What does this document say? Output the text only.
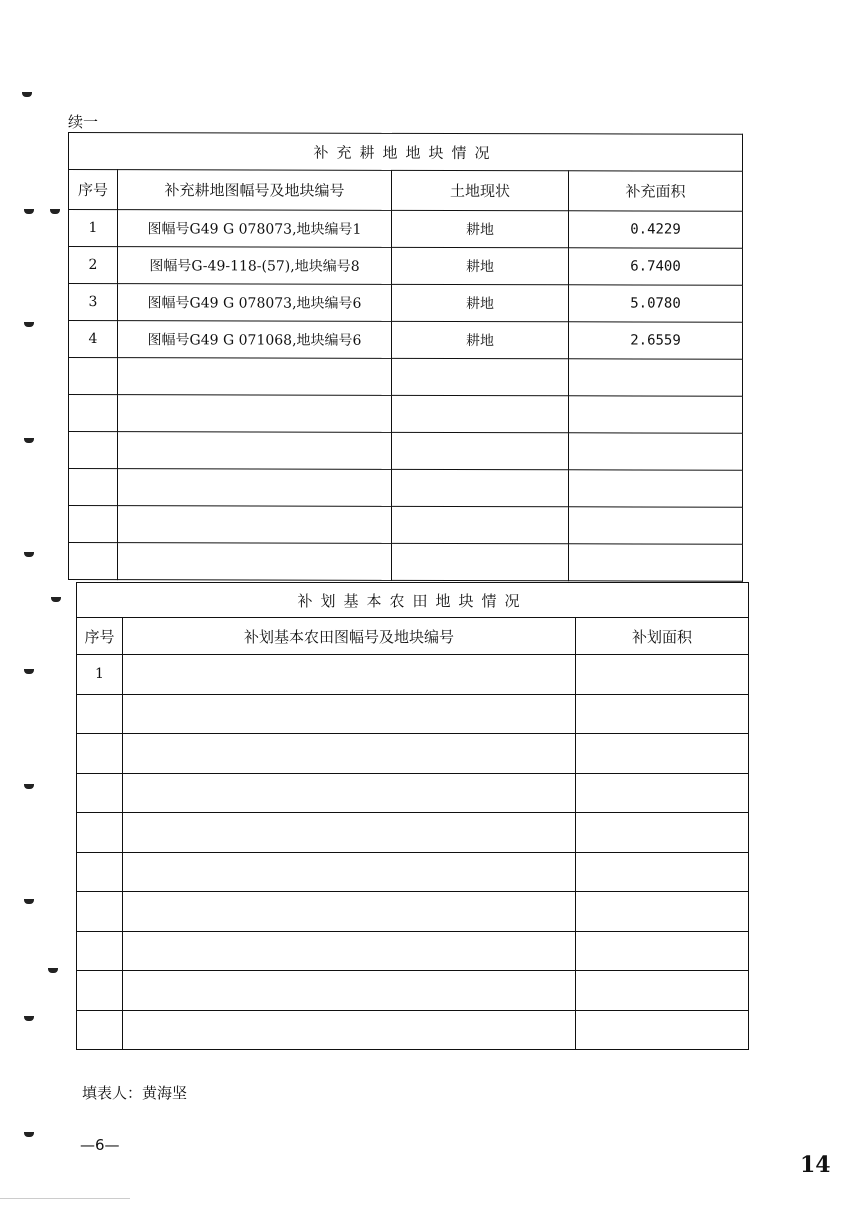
续一
补充耕地地块情况			
序号	补充耕地图幅号及地块编号	土地现状	补充面积
1	图幅号G49 G 078073,地块编号1	耕地	0.4229
2	图幅号G-49-118-(57),地块编号8	耕地	6.7400
3	图幅号G49 G 078073,地块编号6	耕地	5.0780
4	图幅号G49 G 071068,地块编号6	耕地	2.6559

补划基本农田地块情况		
序号	补划基本农田图幅号及地块编号	补划面积
1		

填表人：黄海坚
—6—
14
